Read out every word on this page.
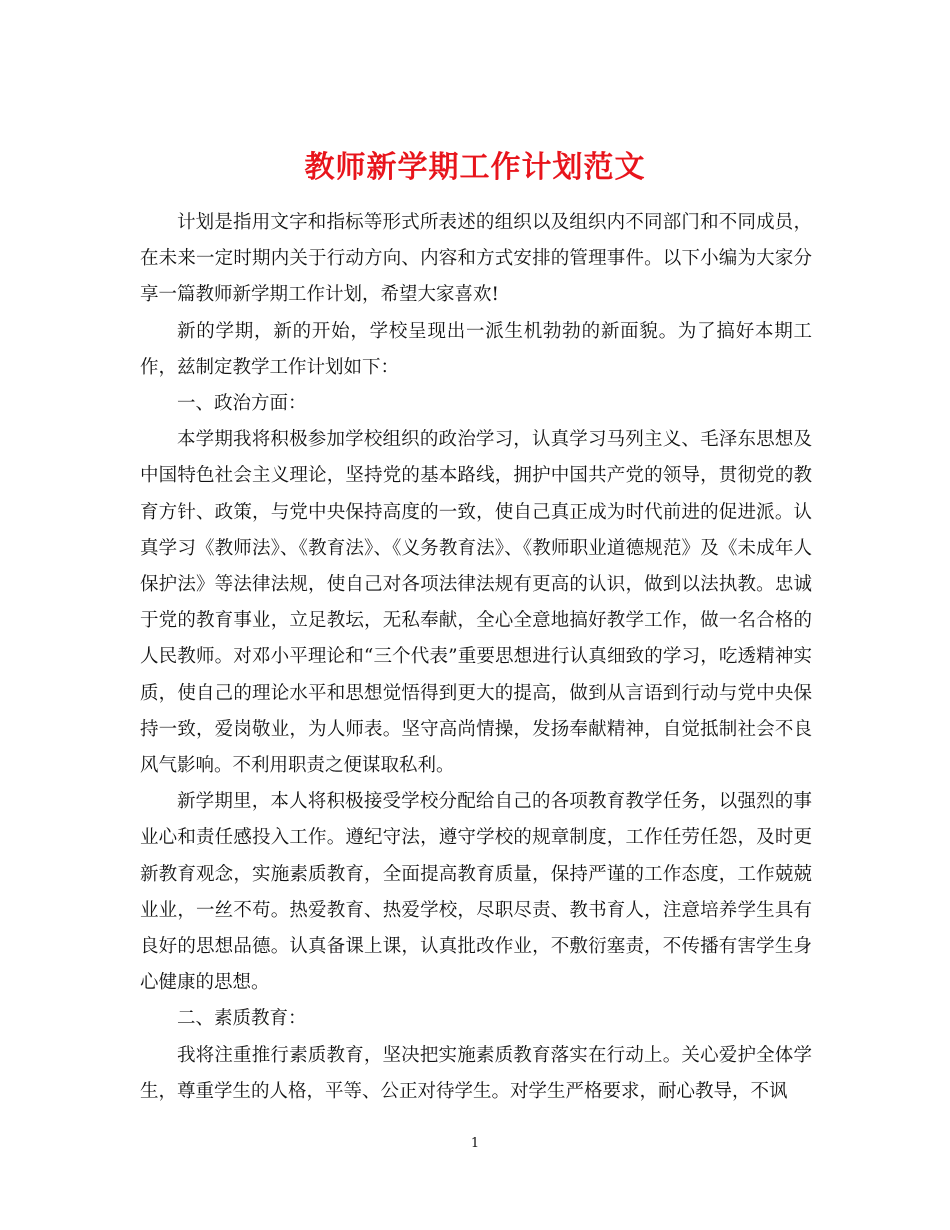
教师新学期工作计划范文

计划是指用文字和指标等形式所表述的组织以及组织内不同部门和不同成员，在未来一定时期内关于行动方向、内容和方式安排的管理事件。以下小编为大家分享一篇教师新学期工作计划，希望大家喜欢!

新的学期，新的开始，学校呈现出一派生机勃勃的新面貌。为了搞好本期工作，兹制定教学工作计划如下：

一、政治方面：

本学期我将积极参加学校组织的政治学习，认真学习马列主义、毛泽东思想及中国特色社会主义理论，坚持党的基本路线，拥护中国共产党的领导，贯彻党的教育方针、政策，与党中央保持高度的一致，使自己真正成为时代前进的促进派。认真学习《教师法》、《教育法》、《义务教育法》、《教师职业道德规范》及《未成年人保护法》等法律法规，使自己对各项法律法规有更高的认识，做到以法执教。忠诚于党的教育事业，立足教坛，无私奉献，全心全意地搞好教学工作，做一名合格的人民教师。对邓小平理论和“三个代表”重要思想进行认真细致的学习，吃透精神实质，使自己的理论水平和思想觉悟得到更大的提高，做到从言语到行动与党中央保持一致，爱岗敬业，为人师表。坚守高尚情操，发扬奉献精神，自觉抵制社会不良风气影响。不利用职责之便谋取私利。

新学期里，本人将积极接受学校分配给自己的各项教育教学任务，以强烈的事业心和责任感投入工作。遵纪守法，遵守学校的规章制度，工作任劳任怨，及时更新教育观念，实施素质教育，全面提高教育质量，保持严谨的工作态度，工作兢兢业业，一丝不苟。热爱教育、热爱学校，尽职尽责、教书育人，注意培养学生具有良好的思想品德。认真备课上课，认真批改作业，不敷衍塞责，不传播有害学生身心健康的思想。

二、素质教育：

我将注重推行素质教育，坚决把实施素质教育落实在行动上。关心爱护全体学生，尊重学生的人格，平等、公正对待学生。对学生严格要求，耐心教导，不讽

1
